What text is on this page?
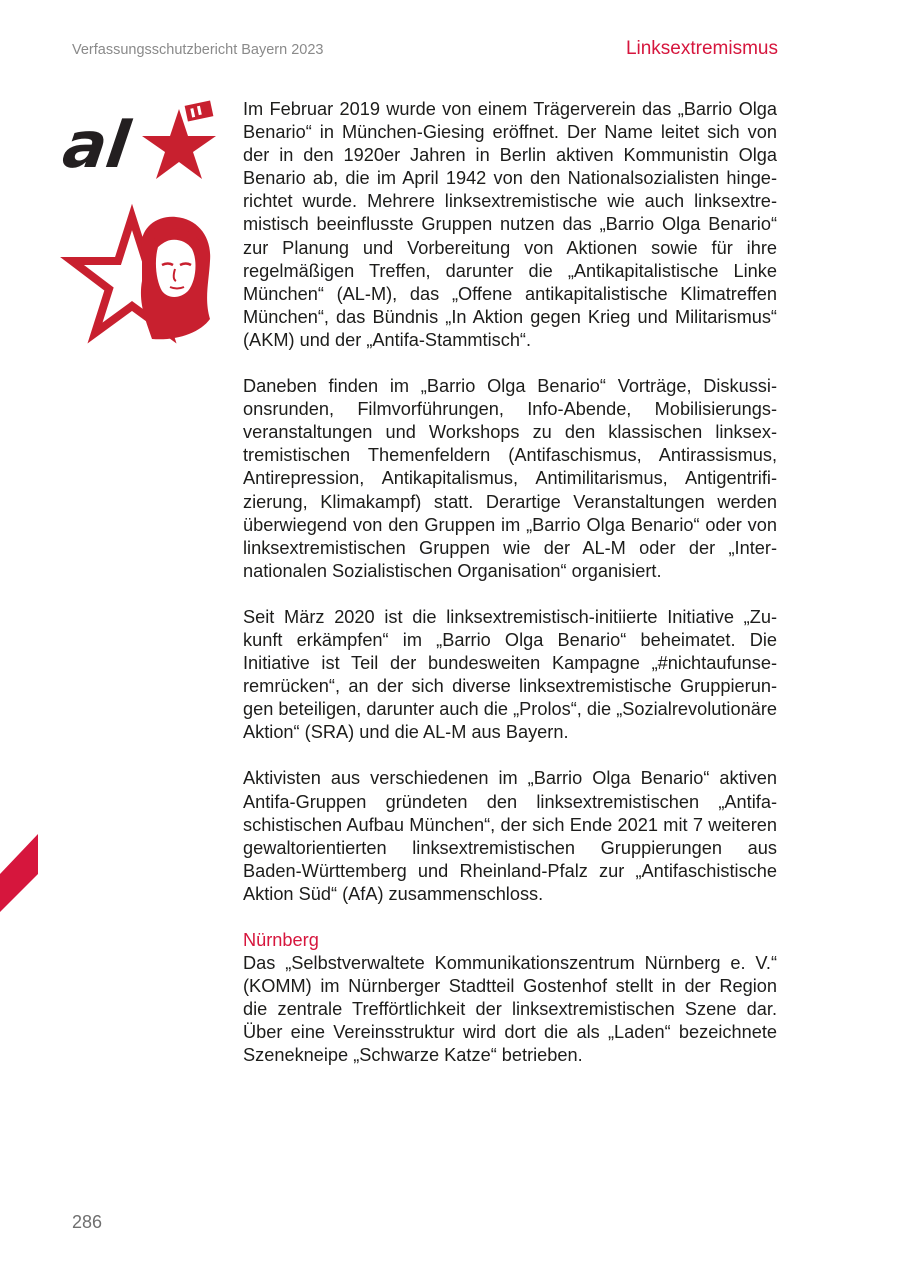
Verfassungsschutzbericht Bayern 2023	Linksextremismus
al	Im Februar 2019 wurde von einem Trägerverein das „Barrio Olga Benario“ in München-Giesing eröffnet. Der Name leitet sich von der in den 1920er Jahren in Berlin aktiven Kommunistin Olga Benario ab, die im April 1942 von den Nationalsozialisten hingerichtet wurde. Mehrere linksextremistische wie auch linksextremistisch beeinflusste Gruppen nutzen das „Barrio Olga Benario“ zur Planung und Vorbereitung von Aktionen sowie für ihre regelmäßigen Treffen, darunter die „Antikapitalistische Linke München“ (AL-M), das „Offene antikapitalistische Klimatreffen München“, das Bündnis „In Aktion gegen Krieg und Militarismus“ (AKM) und der „Antifa-Stammtisch“.

Daneben finden im „Barrio Olga Benario“ Vorträge, Diskussionsrunden, Filmvorführungen, Info-Abende, Mobilisierungsveranstaltungen und Workshops zu den klassischen linksextremistischen Themenfeldern (Antifaschismus, Antirassismus, Antirepression, Antikapitalismus, Antimilitarismus, Antigentrifizierung, Klimakampf) statt. Derartige Veranstaltungen werden überwiegend von den Gruppen im „Barrio Olga Benario“ oder von linksextremistischen Gruppen wie der AL-M oder der „Internationalen Sozialistischen Organisation“ organisiert.

Seit März 2020 ist die linksextremistisch-initiierte Initiative „Zukunft erkämpfen“ im „Barrio Olga Benario“ beheimatet. Die Initiative ist Teil der bundesweiten Kampagne „#nichtaufunseremrücken“, an der sich diverse linksextremistische Gruppierungen beteiligen, darunter auch die „Prolos“, die „Sozialrevolutionäre Aktion“ (SRA) und die AL-M aus Bayern.

Aktivisten aus verschiedenen im „Barrio Olga Benario“ aktiven Antifa-Gruppen gründeten den linksextremistischen „Antifaschistischen Aufbau München“, der sich Ende 2021 mit 7 weiteren gewaltorientierten linksextremistischen Gruppierungen aus Baden-Württemberg und Rheinland-Pfalz zur „Antifaschistische Aktion Süd“ (AfA) zusammenschloss.

Nürnberg

Das „Selbstverwaltete Kommunikationszentrum Nürnberg e. V.“ (KOMM) im Nürnberger Stadtteil Gostenhof stellt in der Region die zentrale Trefförtlichkeit der linksextremistischen Szene dar. Über eine Vereinsstruktur wird dort die als „Laden“ bezeichnete Szenekneipe „Schwarze Katze“ betrieben.

286
